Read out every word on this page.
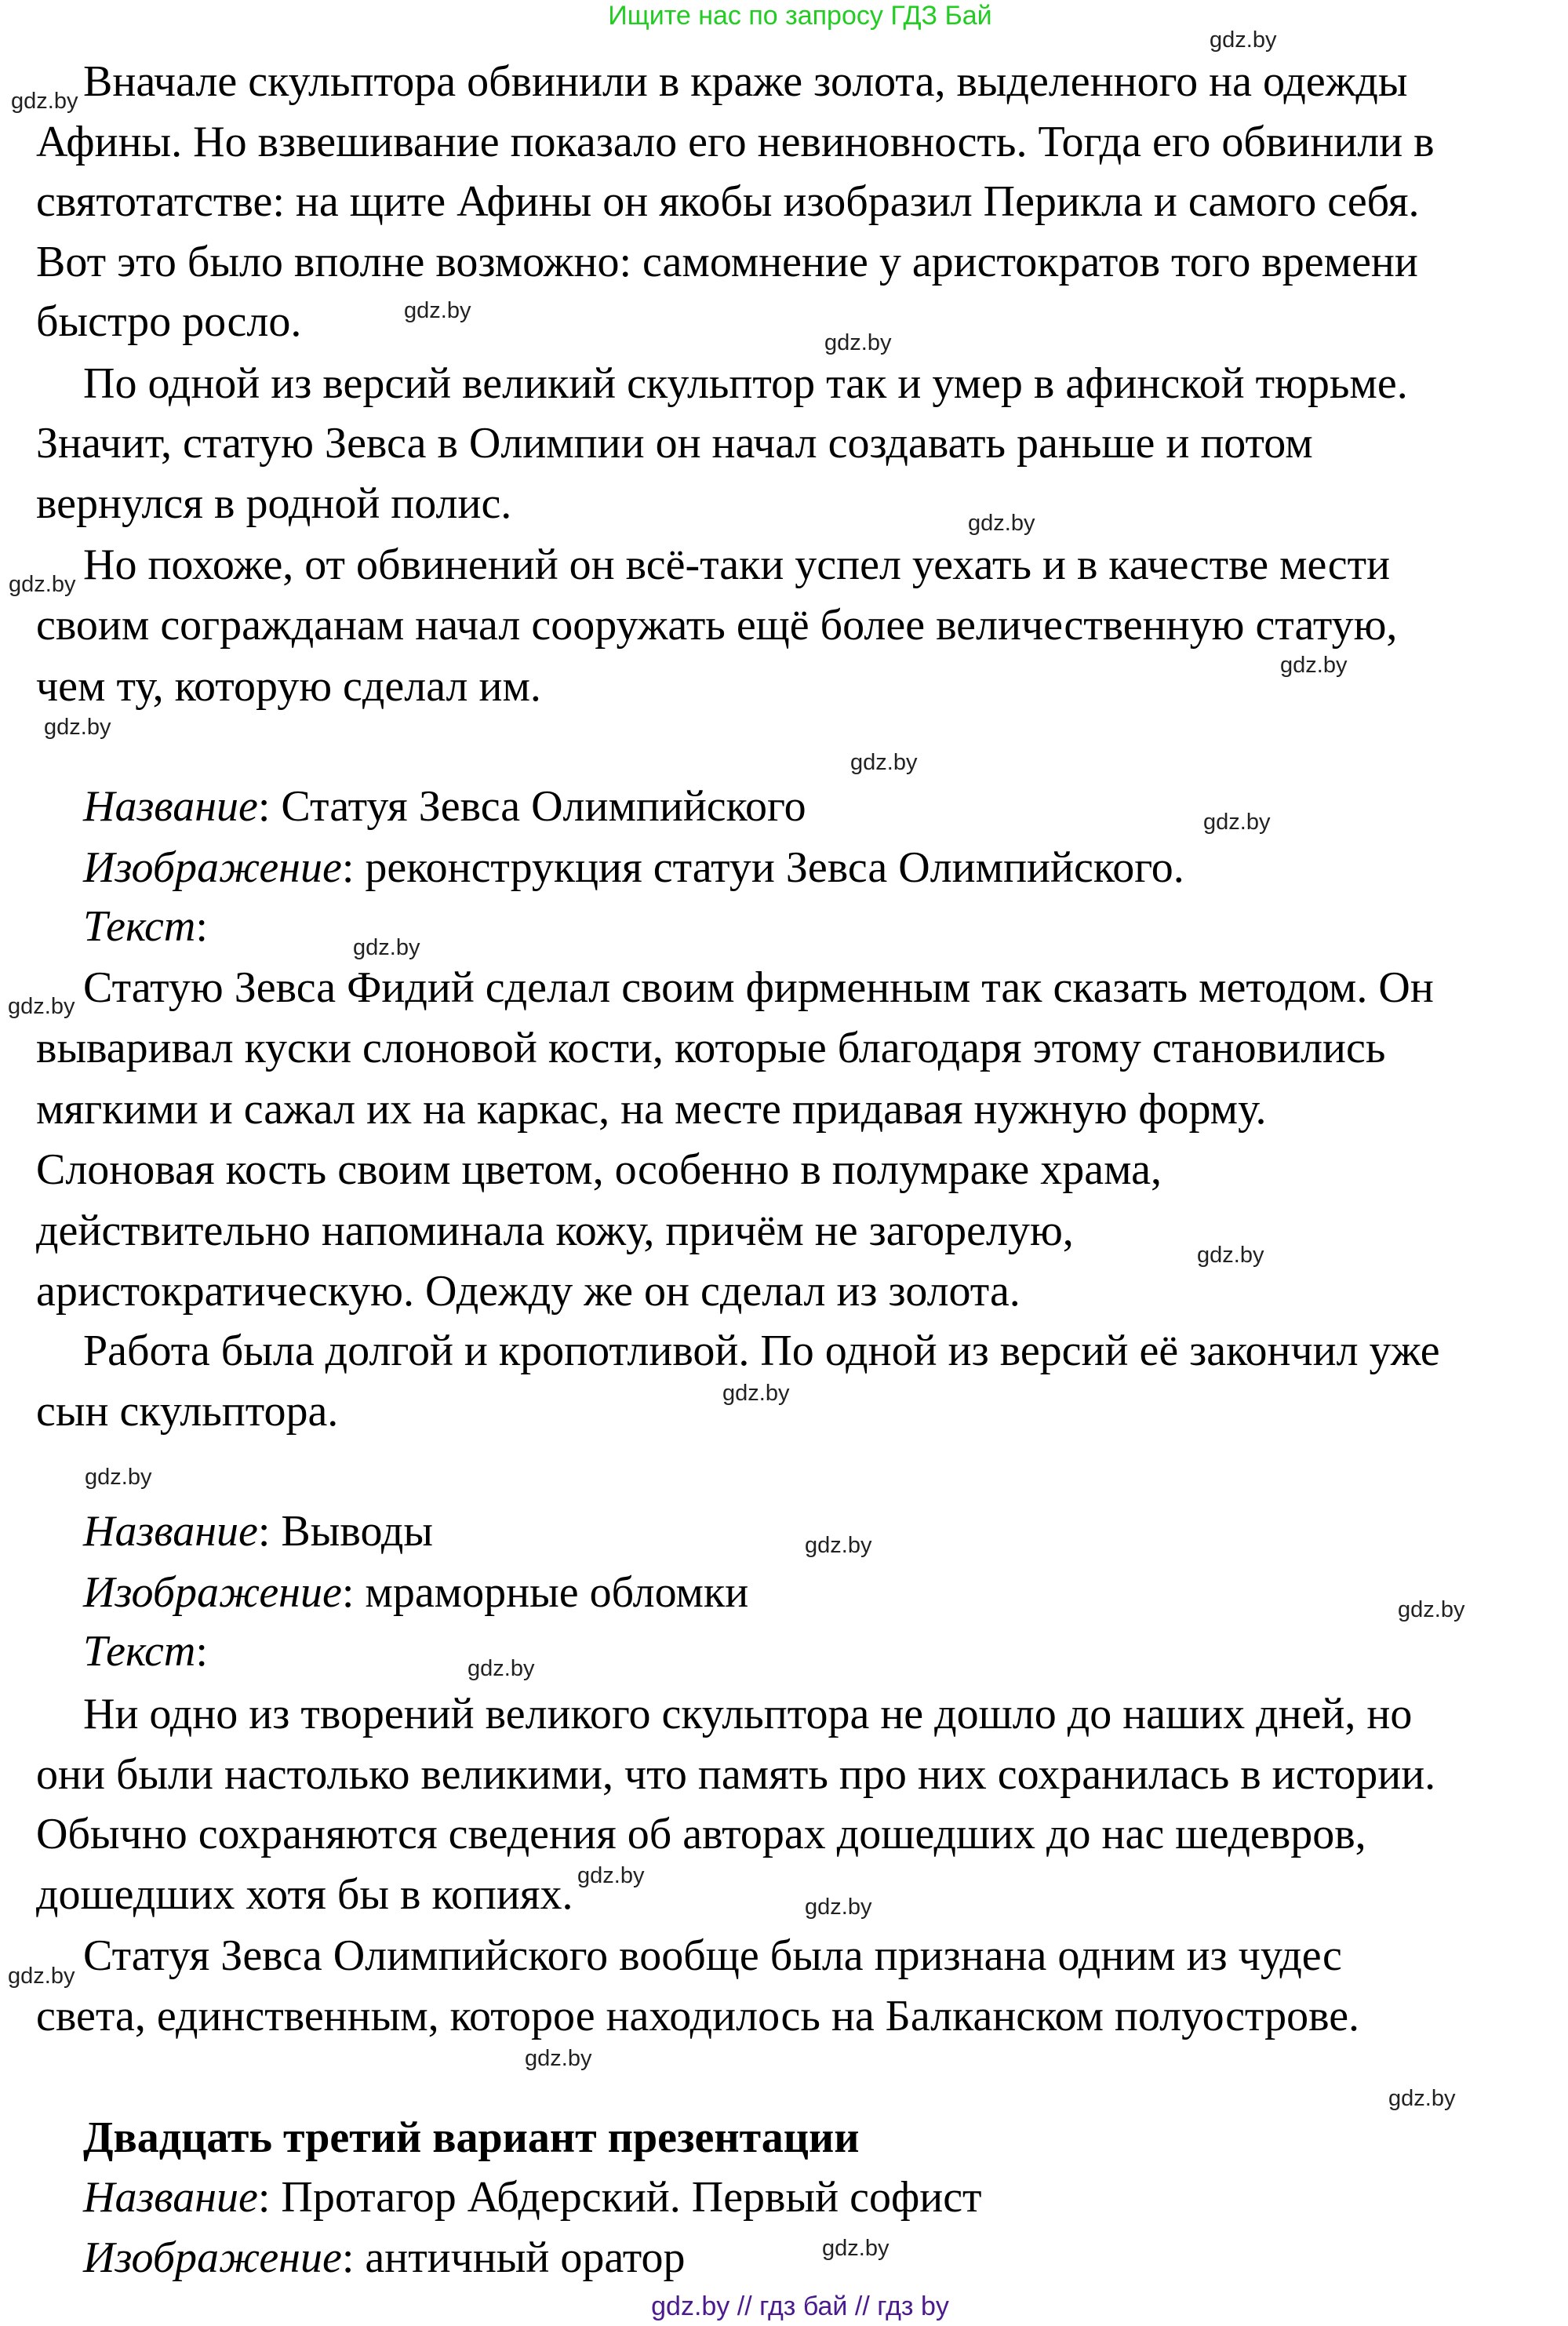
Ищите нас по запросу ГДЗ Бай
Вначале скульптора обвинили в краже золота, выделенного на одежды
Афины. Но взвешивание показало его невиновность. Тогда его обвинили в
святотатстве: на щите Афины он якобы изобразил Перикла и самого себя.
Вот это было вполне возможно: самомнение у аристократов того времени
быстро росло.
По одной из версий великий скульптор так и умер в афинской тюрьме.
Значит, статую Зевса в Олимпии он начал создавать раньше и потом
вернулся в родной полис.
Но похоже, от обвинений он всё-таки успел уехать и в качестве мести
своим согражданам начал сооружать ещё более величественную статую,
чем ту, которую сделал им.
Название: Статуя Зевса Олимпийского
Изображение: реконструкция статуи Зевса Олимпийского.
Текст:
Статую Зевса Фидий сделал своим фирменным так сказать методом. Он
вываривал куски слоновой кости, которые благодаря этому становились
мягкими и сажал их на каркас, на месте придавая нужную форму.
Слоновая кость своим цветом, особенно в полумраке храма,
действительно напоминала кожу, причём не загорелую,
аристократическую. Одежду же он сделал из золота.
Работа была долгой и кропотливой. По одной из версий её закончил уже
сын скульптора.
Название: Выводы
Изображение: мраморные обломки
Текст:
Ни одно из творений великого скульптора не дошло до наших дней, но
они были настолько великими, что память про них сохранилась в истории.
Обычно сохраняются сведения об авторах дошедших до нас шедевров,
дошедших хотя бы в копиях.
Статуя Зевса Олимпийского вообще была признана одним из чудес
света, единственным, которое находилось на Балканском полуострове.
Двадцать третий вариант презентации
Название: Протагор Абдерский. Первый софист
Изображение: античный оратор
gdz.by
gdz.by
gdz.by
gdz.by
gdz.by
gdz.by
gdz.by
gdz.by
gdz.by
gdz.by
gdz.by
gdz.by
gdz.by
gdz.by
gdz.by
gdz.by
gdz.by
gdz.by
gdz.by
gdz.by
gdz.by
gdz.by
gdz.by
gdz.by
gdz.by // гдз бай // гдз by
